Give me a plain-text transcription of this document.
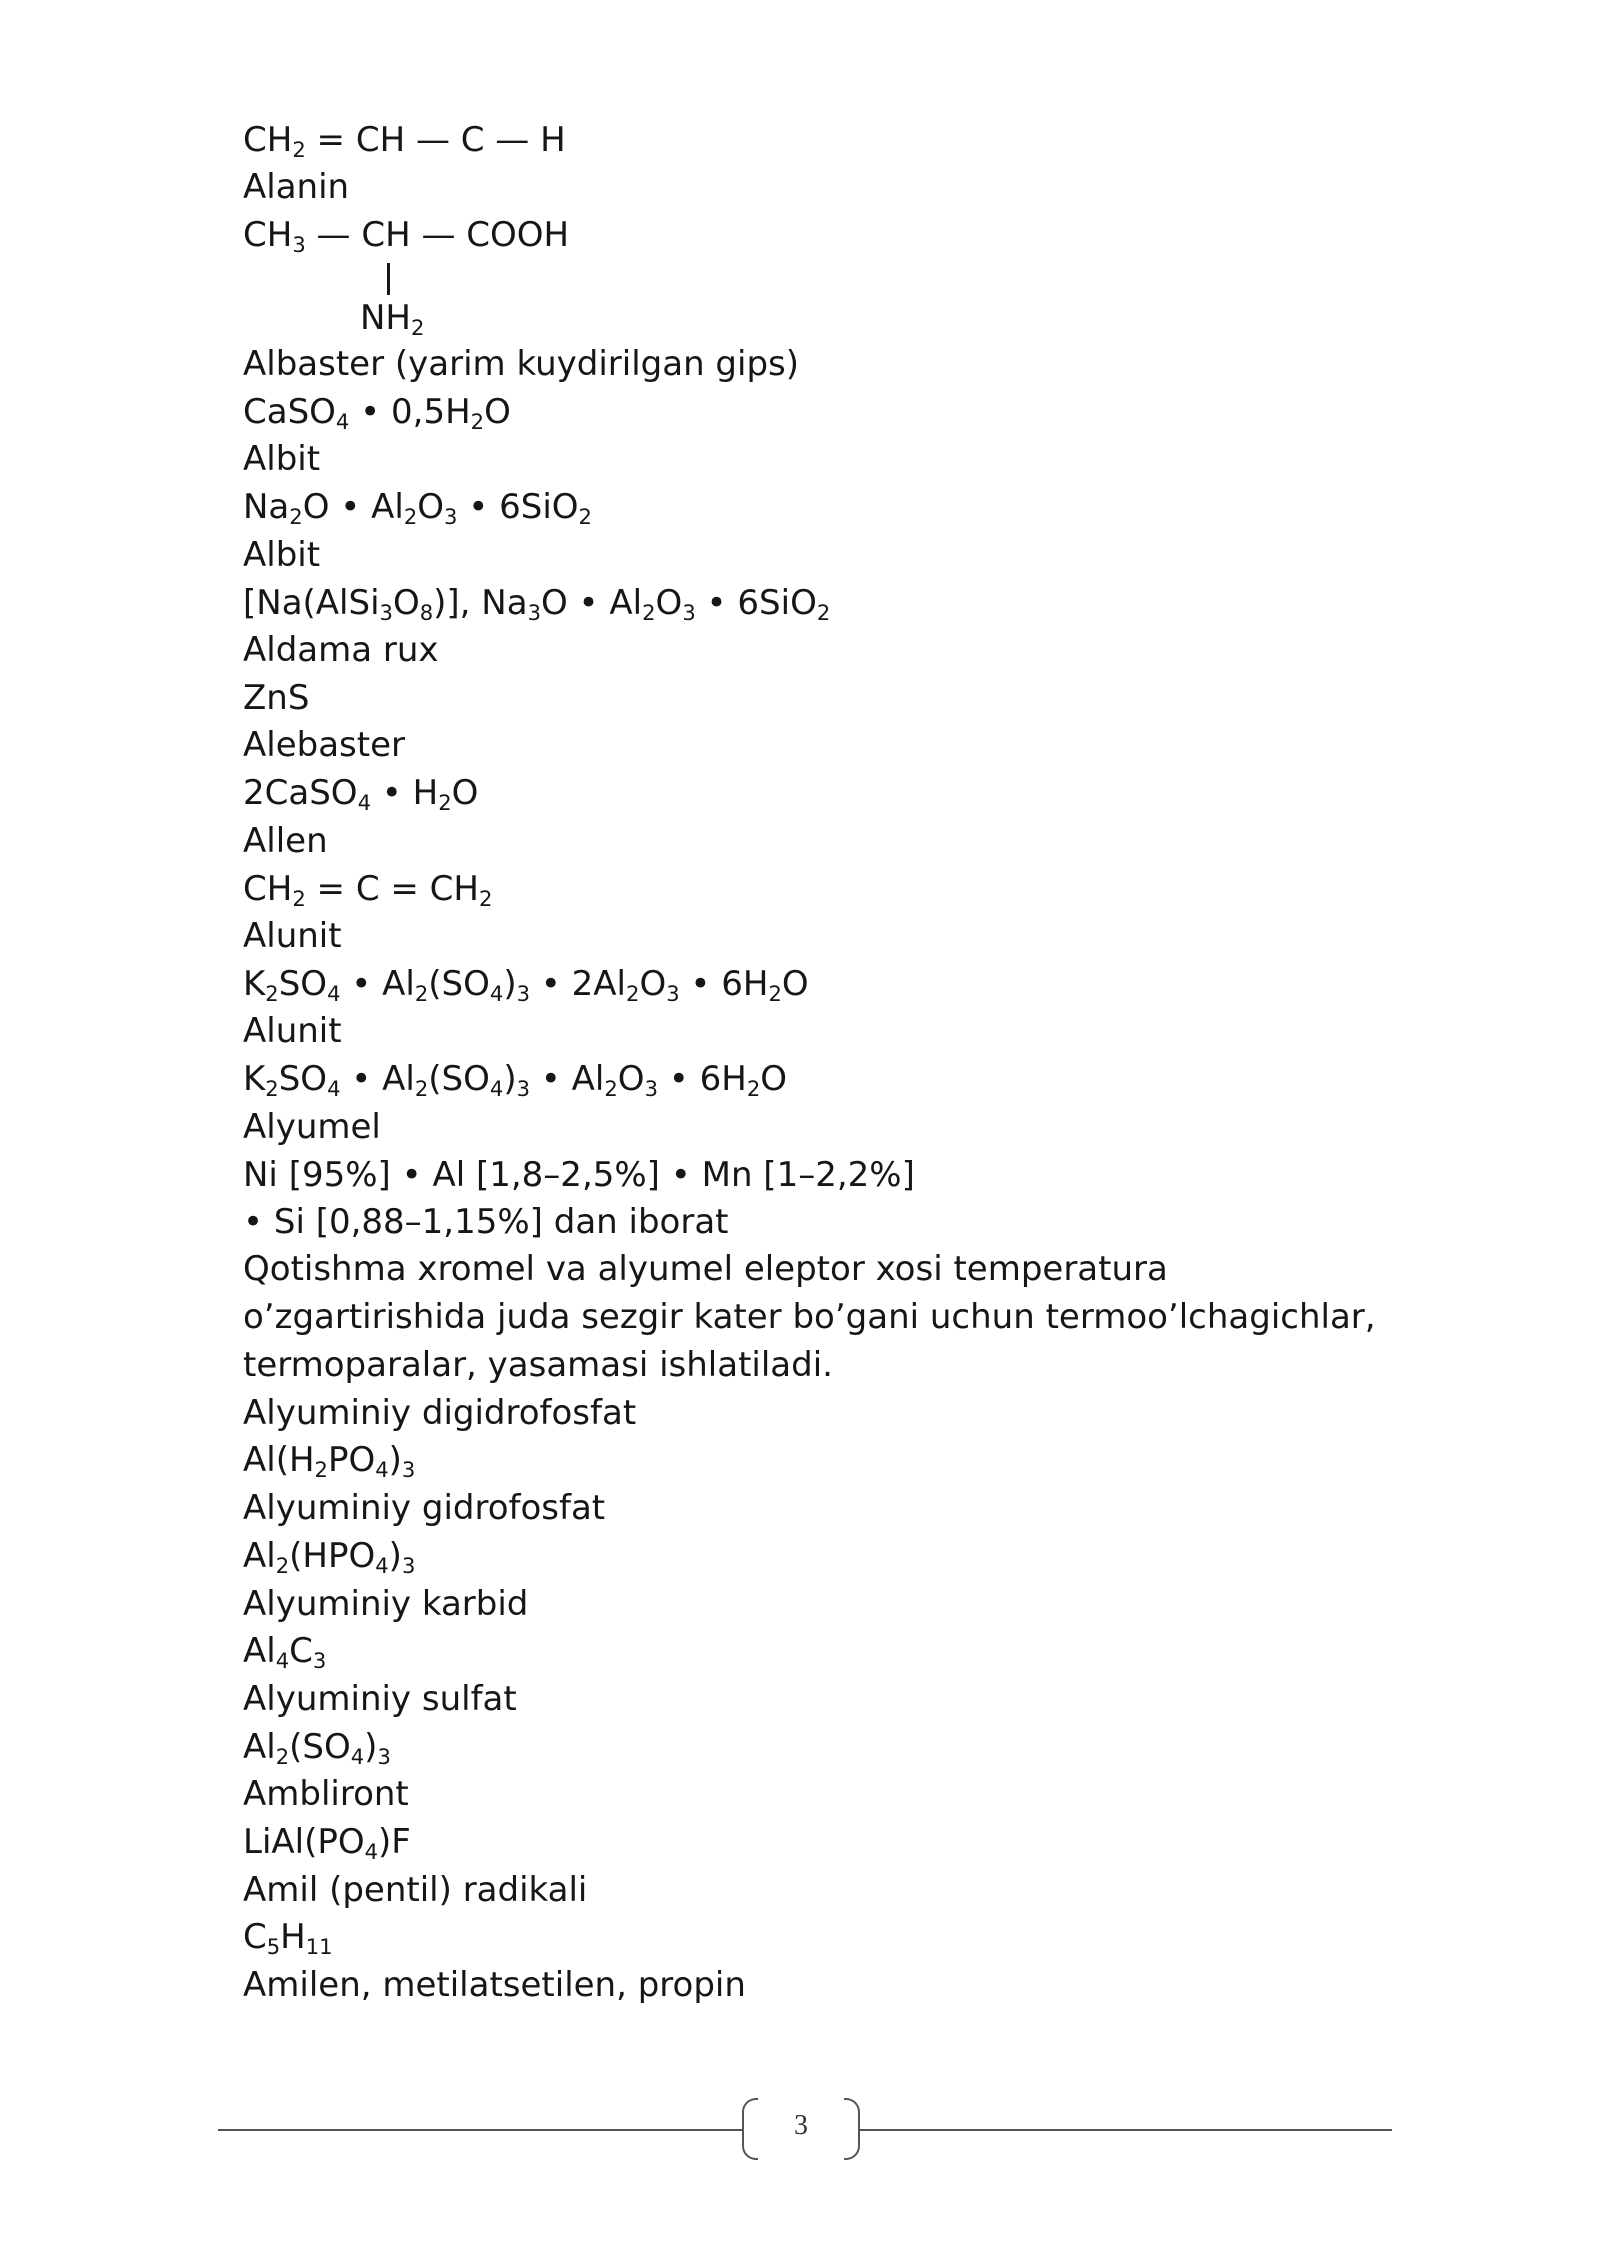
$CH_2$ = CH — C — H

Alanin

$CH_3$ — CH — COOH

$NH_2$

Albaster (yarim kuydirilgan gips)

CaSO$_4$ • $0,5H_2O$

Albit

$Na_2O$ • $Al_2O_3$ • 6SiO$_2$

Albit

$[Na(AlSi_3O_8)]$, $Na_3O$ • $Al_2O_3$ • 6SiO$_2$

Aldama rux

ZnS

Alebaster

2CaSO$_4$ • $H_2O$

Allen

$CH_2 = C = CH_2$

Alunit

$K_2SO_4$ • $Al_2(SO_4)_3$ • $2Al_2O_3$ • $6H_2O$

Alunit

$K_2SO_4$ • $Al_2(SO_4)_3$ • $Al_2O_3$ • $6H_2O$

Alyumel

Ni [95%] • Al [1,8–2,5%] • Mn [1–2,2%]

• Si [0,88–1,15%] dan iborat

Qotishma xromel va alyumel eleptor xosi temperatura o’zgartirishida juda sezgir kater bo’gani uchun termoo’lchagichlar, termoparalar, yasamasi ishlatiladi.

Alyuminiy digidrofosfat

$Al(H_2PO_4)_3$

Alyuminiy gidrofosfat

$Al_2(HPO_4)_3$

Alyuminiy karbid

$Al_4C_3$

Alyuminiy sulfat

$Al_2(SO_4)_3$

Ambliront

$LiAl(PO_4)F$

Amil (pentil) radikali

$C_5H_{11}$

Amilen, metilatsetilen, propin

3
